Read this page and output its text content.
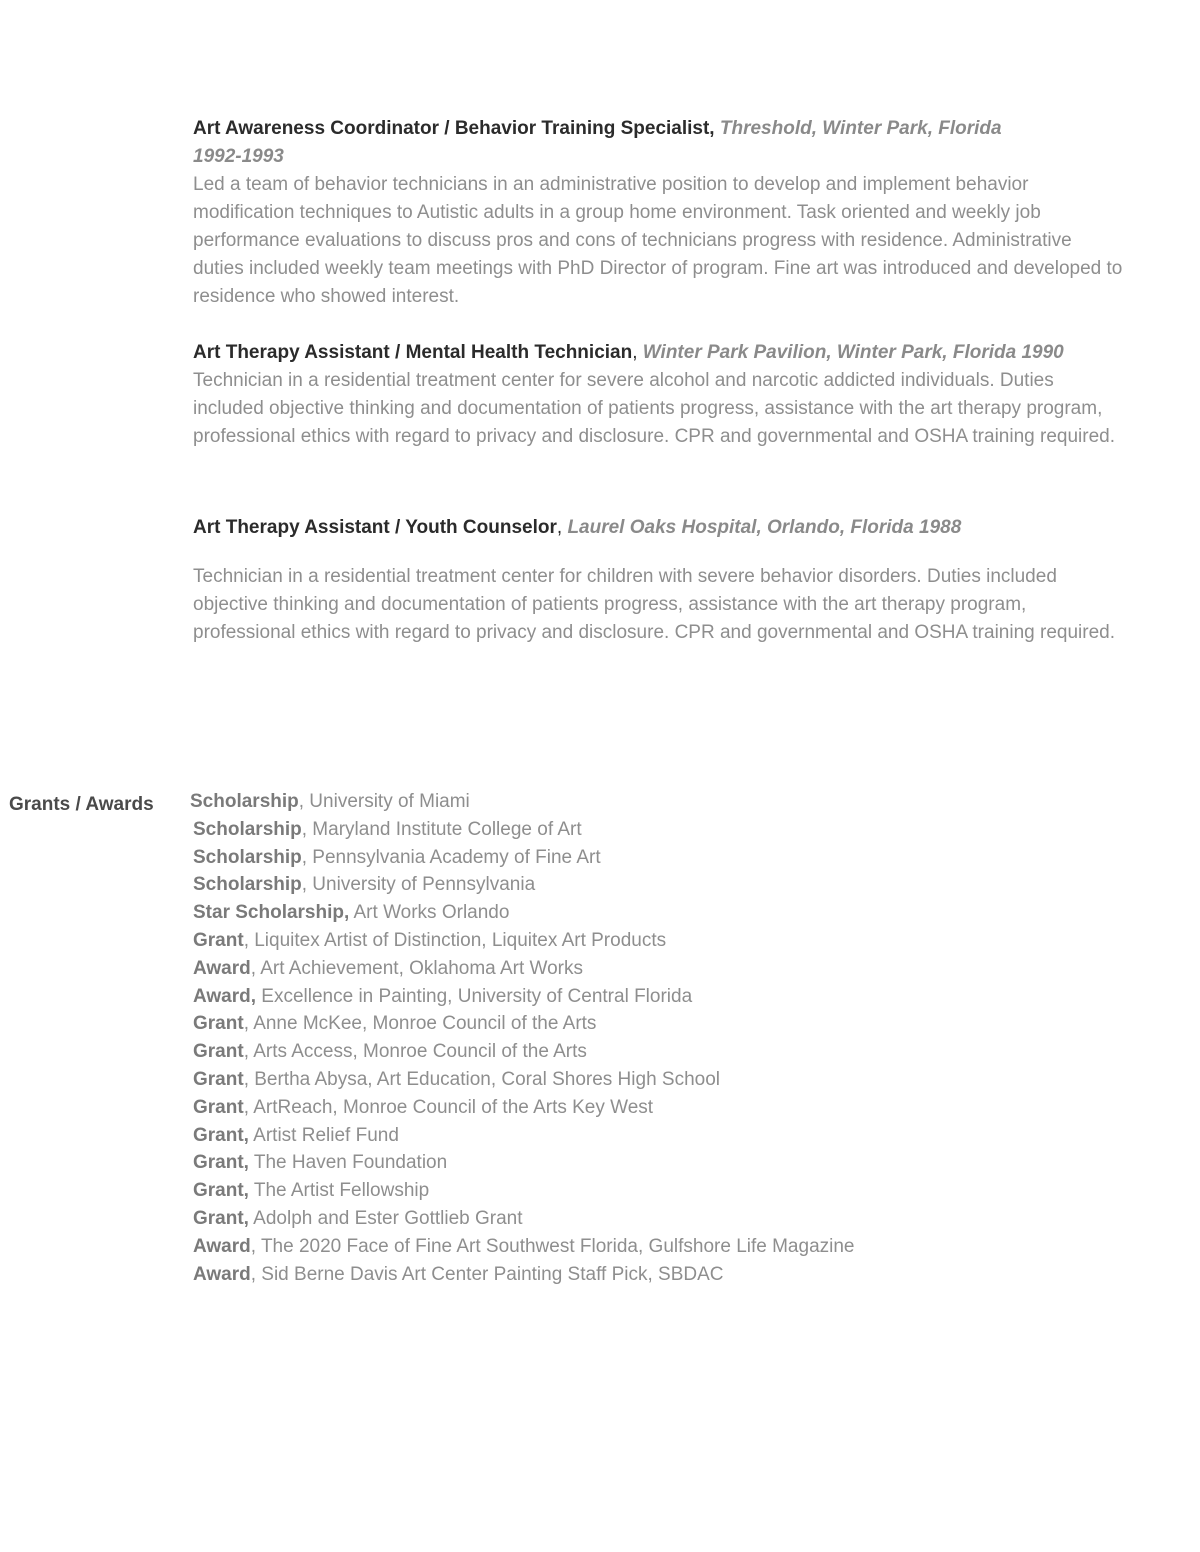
Art Awareness Coordinator / Behavior Training Specialist, Threshold, Winter Park, Florida
1992-1993

Led a team of behavior technicians in an administrative position to develop and implement behavior modification techniques to Autistic adults in a group home environment. Task oriented and weekly job performance evaluations to discuss pros and cons of technicians progress with residence. Administrative duties included weekly team meetings with PhD Director of program. Fine art was introduced and developed to residence who showed interest.

Art Therapy Assistant / Mental Health Technician, Winter Park Pavilion, Winter Park, Florida 1990

Technician in a residential treatment center for severe alcohol and narcotic addicted individuals. Duties included objective thinking and documentation of patients progress, assistance with the art therapy program, professional ethics with regard to privacy and disclosure. CPR and governmental and OSHA training required.

Art Therapy Assistant / Youth Counselor, Laurel Oaks Hospital, Orlando, Florida 1988

Technician in a residential treatment center for children with severe behavior disorders. Duties included objective thinking and documentation of patients progress, assistance with the art therapy program, professional ethics with regard to privacy and disclosure. CPR and governmental and OSHA training required.

Grants / Awards Scholarship, University of Miami
Scholarship, Maryland Institute College of Art
Scholarship, Pennsylvania Academy of Fine Art
Scholarship, University of Pennsylvania
Star Scholarship, Art Works Orlando
Grant, Liquitex Artist of Distinction, Liquitex Art Products
Award, Art Achievement, Oklahoma Art Works
Award, Excellence in Painting, University of Central Florida
Grant, Anne McKee, Monroe Council of the Arts
Grant, Arts Access, Monroe Council of the Arts
Grant, Bertha Abysa, Art Education, Coral Shores High School
Grant, ArtReach, Monroe Council of the Arts Key West
Grant, Artist Relief Fund
Grant, The Haven Foundation
Grant, The Artist Fellowship
Grant, Adolph and Ester Gottlieb Grant
Award, The 2020 Face of Fine Art Southwest Florida, Gulfshore Life Magazine
Award, Sid Berne Davis Art Center Painting Staff Pick, SBDAC
